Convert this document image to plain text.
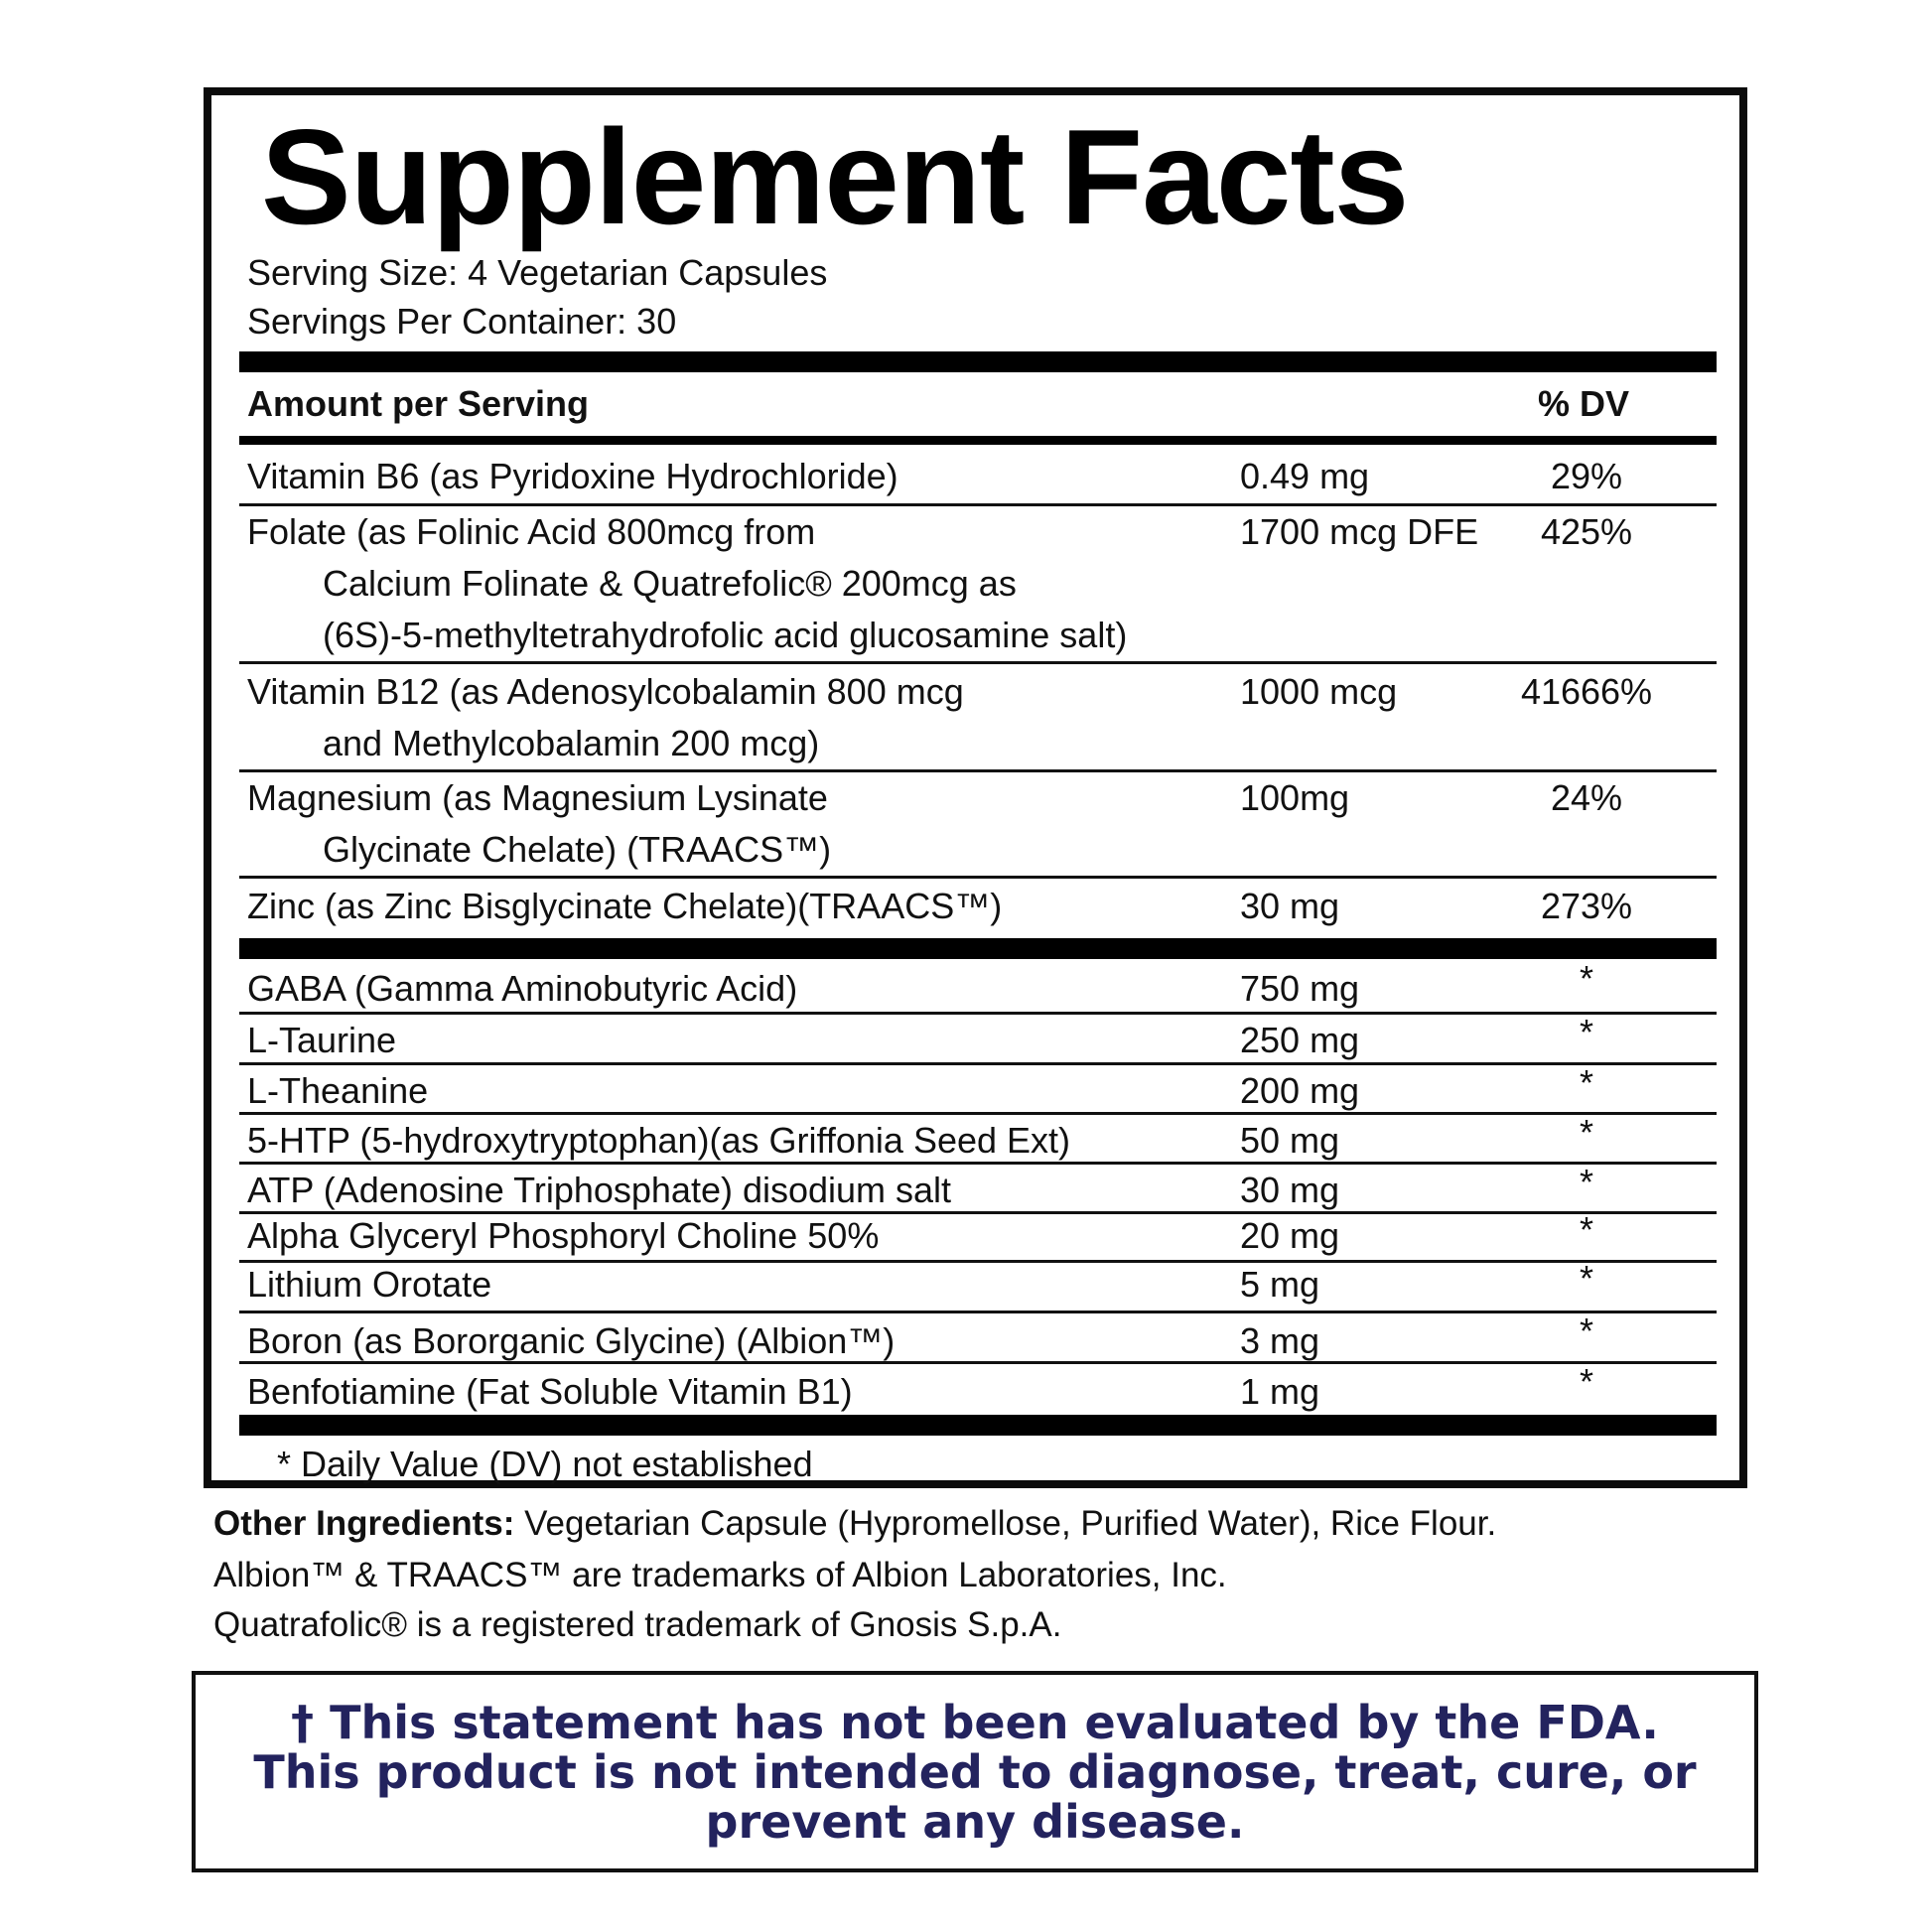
Supplement Facts
Serving Size: 4 Vegetarian Capsules
Servings Per Container: 30
Amount per Serving	% DV
Vitamin B6 (as Pyridoxine Hydrochloride)	0.49 mg	29%
Folate (as Folinic Acid 800mcg from
Calcium Folinate & Quatrefolic® 200mcg as
(6S)-5-methyltetrahydrofolic acid glucosamine salt)
1700 mcg DFE 425%
Vitamin B12 (as Adenosylcobalamin 800 mcg
and Methylcobalamin 200 mcg)
1000 mcg	41666%
Magnesium (as Magnesium Lysinate
Glycinate Chelate) (TRAACS™)
100mg	24%
Zinc (as Zinc Bisglycinate Chelate)(TRAACS™)	30 mg	273%
GABA (Gamma Aminobutyric Acid)	750 mg	*
L-Taurine	250 mg	*
L-Theanine	200 mg	*
5-HTP (5-hydroxytryptophan)(as Griffonia Seed Ext)	50 mg	*
ATP (Adenosine Triphosphate) disodium salt	30 mg	*
Alpha Glyceryl Phosphoryl Choline 50%	20 mg	*
Lithium Orotate	5 mg	*
Boron (as Bororganic Glycine) (Albion™)	3 mg	*
Benfotiamine (Fat Soluble Vitamin B1)	1 mg	*
* Daily Value (DV) not established
Other Ingredients: Vegetarian Capsule (Hypromellose, Purified Water), Rice Flour.
Albion™ & TRAACS™ are trademarks of Albion Laboratories, Inc.
Quatrafolic® is a registered trademark of Gnosis S.p.A.
† This statement has not been evaluated by the FDA. This product is not intended to diagnose, treat, cure, or prevent any disease.
